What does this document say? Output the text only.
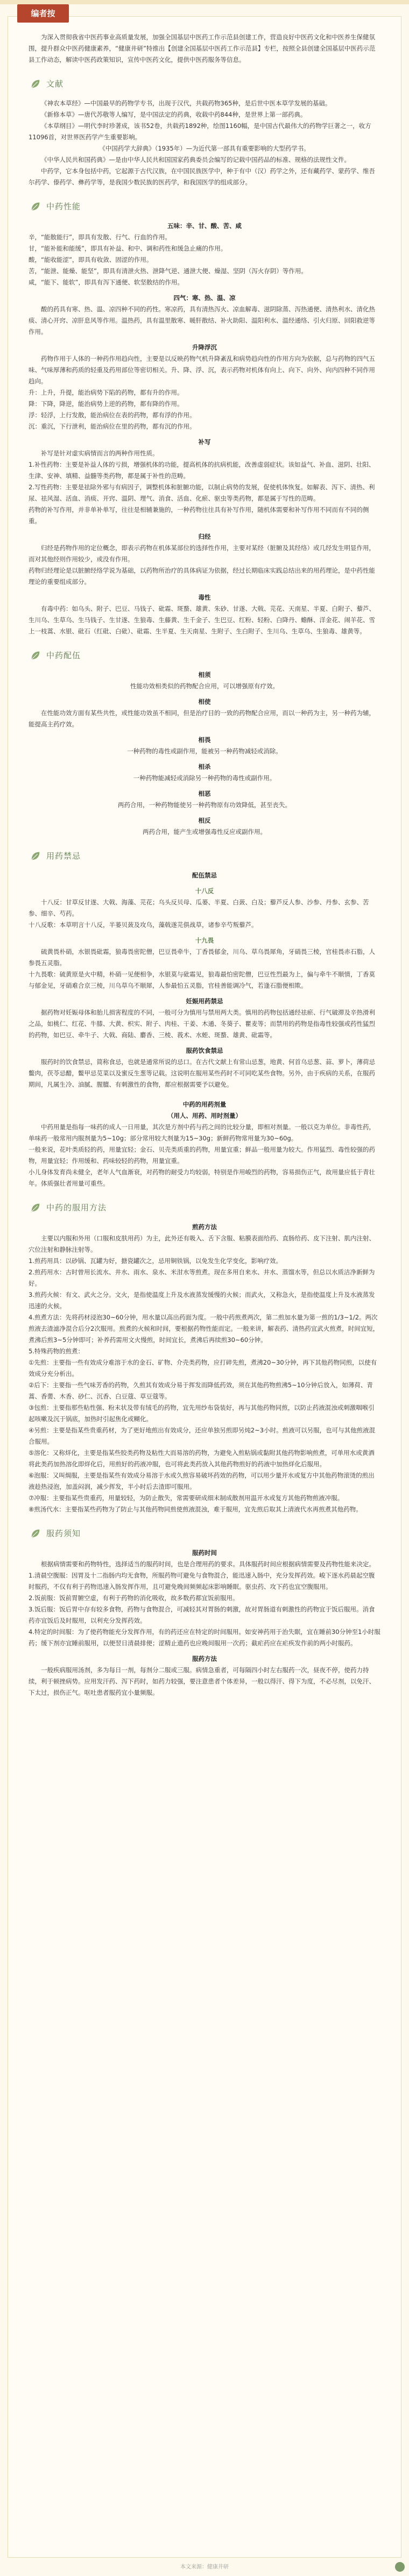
为深入贯彻我省中医药事业高质量发展，加强全国基层中医药工作示范县创建工作，营造良好中医药文化和中医养生保健氛围，提升群众中医药健康素养，“健康井研”特推出【创建全国基层中医药工作示范县】专栏，按照全县创建全国基层中医药示范县工作动态，解读中医药政策知识，宣传中医药文化，提供中医药服务等信息。

文献

《神农本草经》—中国最早的药物学专书，出现于汉代，共载药物365种，是后世中医本草学发展的基础。

《新修本草》—唐代苏敬等人编写，是中国法定的药典，收载中药844种，是世界上第一部药典。

《本草纲目》—明代李时珍著成，该书52卷，共载药1892种，绘图1160幅，是中国古代最伟大的药物学巨著之一，收方11096首，对世界医药学产生重要影响。

《中国药学大辞典》（1935年）—为近代第一部具有重要影响的大型药学书。

《中华人民共和国药典》—是由中华人民共和国国家药典委员会编写的记载中国药品的标准、规格的法规性文件。

中药学，它本身包括中药，它起源于古代汉族，在中国民族医学中，种于有中（汉）药学之外，还有藏药学、蒙药学、维吾尔药学、傣药学、彝药学等，是我国少数民族的医药学，和我国医学的组成部分。

中药性能

五味：辛、甘、酸、苦、咸

辛，“能散能行”，即具有发散、行气、行血的作用。

甘，“能补能和能缓”，即具有补益、和中、调和药性和缓急止痛的作用。

酸，“能收能涩”，即具有收敛、固涩的作用。

苦，“能泄、能燥、能坚”，即具有清泄火热、泄降气逆、通泄大便、燥湿、坚阴（泻火存阴）等作用。

咸，“能下、能软”，即具有泻下通便、软坚散结的作用。

四气：寒、热、温、凉

酸的药具有寒、热、温、凉四种不同的药性。寒凉药，具有清热泻火、凉血解毒、滋阴除蒸、泻热通便、清热利水、清化热痰、清心开窍、凉肝息风等作用。温热药，具有温里散寒、暖肝散结、补火助阳、温阳利水、温经通络、引火归原、回阳救逆等作用。

升降浮沉

药物作用于人体的一种药作用趋向性，主要是以反映药物气机升降紊乱和病势趋向性的作用方向为依据，总与药物的四气五味、气味厚薄和药质的轻重及药用部位等密切相关。升、降、浮、沉，表示药物对机体有向上、向下、向外、向内四种不同作用趋向。
升：上升，升提，能治病势下陷的药物，都有升的作用。
降：下降，降逆，能治病势上逆的药物，都有降的作用。
浮：轻浮，上行发散，能治病位在表的药物，都有浮的作用。
沉：重沉，下行泄利，能治病位在里的药物，都有沉的作用。

补写

补写是针对虚实病情而言的两种作用性质。
1.补性药物：主要是补益人体的亏损，增强机体的功能，提高机体的抗病机能，改善虚弱症状。该如益气、补血、滋阴、壮阳、生津、安神、填精、益髓等类药物，都是属于补性的范畴。
2.写性药物：主要是祛除外邪与有病因子，调整机体和脏腑功能，以制止病势的发展，促使机体恢复。如解表、泻下、清热、利尿、祛风湿、活血、消痰、开窍、温阴、理气、消食、活血、化瘀、驱虫等类药物，都是属于写性的范畴。
药物的补写作用，并非单补单写，往往是相辅兼施的，一种药物往往具有补写作用，随机体需要和补写作用不同而有不同的侧重。

归经

归经是药物作用的定位概念，即表示药物在机体某部位的选择性作用，主要对某经（脏腑及其经络）或几经发生明显作用，而对其他经则作用较少，或没有作用。
药物归经理论是以脏腑经络学说为基础，以药物所治疗的具体病证为依据，经过长期临床实践总结出来的用药理论，是中药性能理论的重要组成部分。

毒性

有毒中药：如乌头、附子、巴豆、马钱子、砒霜、斑蝥、雄黄、朱砂、甘遂、大戟、芫花、天南星、半夏、白附子、藜芦、生川乌、生草乌、生马钱子、生甘遂、生狼毒、生藤黄、生千金子、生巴豆、红粉、轻粉、白降丹、蟾酥、洋金花、闹羊花、雪上一枝蒿、水银、砒石（红砒、白砒）、砒霜、生半夏、生天南星、生附子、生白附子、生川乌、生草乌、生狼毒、雄黄等。

中药配伍

相须

性能功效相类似的药物配合应用，可以增强原有疗效。

相使

在性能功效方面有某些共性，或性能功效虽不相同，但是治疗目的一致的药物配合应用，而以一种药为主，另一种药为辅，能提高主药疗效。

相畏

一种药物的毒性或副作用，能被另一种药物减轻或消除。

相杀

一种药物能减轻或消除另一种药物的毒性或副作用。

相恶

两药合用，一种药物能使另一种药物原有功效降低，甚至丧失。

相反

两药合用，能产生或增强毒性反应或副作用。

用药禁忌

配伍禁忌

十八反

十八反：甘草反甘遂、大戟、海藻、芫花；乌头反贝母、瓜蒌、半夏、白蔹、白及；藜芦反人参、沙参、丹参、玄参、苦参、细辛、芍药。
十八反歌：本草明言十八反，半蒌贝蔹及攻乌，藻戟遂芫俱战草，诸参辛芍叛藜芦。

十九畏

硫黄畏朴硝，水银畏砒霜，狼毒畏密陀僧，巴豆畏牵牛，丁香畏郁金，川乌、草乌畏犀角，牙硝畏三棱，官桂畏赤石脂，人参畏五灵脂。
十九畏歌：硫黄原是火中精，朴硝一见便相争，水银莫与砒霜见，狼毒最怕密陀僧，巴豆性烈最为上，偏与牵牛不顺情，丁香莫与郁金见，牙硝难合京三棱，川乌草乌不顺犀，人参最怕五灵脂，官桂善能调冷气，若逢石脂便相欺。

妊娠用药禁忌

据药物对妊娠母体和胎儿损害程度的不同，一般可分为慎用与禁用两大类。慎用的药物包括通经祛瘀、行气破滞及辛热滑利之品，如桃仁、红花、牛膝、大黄、枳实、附子、肉桂、干姜、木通、冬葵子、瞿麦等；而禁用的药物是指毒性较强或药性猛烈的药物，如巴豆、牵牛子、大戟、商陆、麝香、三棱、莪术、水蛭、斑蝥、雄黄、砒霜等。

服药饮食禁忌

服药时的饮食禁忌，简称食忌，也就是通常所说的忌口。在古代文献上有常山忌葱，地黄、何首乌忌葱、蒜、萝卜，薄荷忌鳖肉，茯苓忌醋，鳖甲忌苋菜以及蜜反生葱等记载。这说明在服用某些药时不可同吃某些食物。另外，由于疾病的关系，在服药期间，凡属生冷、油腻、腥膻、有刺激性的食物，都应根据需要予以避免。

中药的用药剂量

（用人、用药、用时剂量）

中药用量是指每一味药的成人一日用量，其次是方剂中药与药之间的比较分量，即相对剂量。一般以克为单位。非毒性药，单味药一般常用内服剂量为5~10g；部分常用较大剂量为15~30g；新鲜药物常用量为30~60g。
一般来说，花叶类质轻的药，用量宜轻；金石、贝壳类质重的药物，用量宜重；鲜品一般用量为较大。作用猛烈、毒性较强的药物，用量宜轻；作用缓和、药味较轻的药物，用量宜重。
小儿身体发育尚未健全，老年人气血渐衰，对药物的耐受力均较弱，特别是作用峻烈的药物，容易损伤正气，故用量应低于青壮年。体质强壮者用量可重些。

中药的服用方法

煎药方法

主要以内服和外用（口服和皮肤用药）为主，此外还有吸入、舌下含服、粘膜表面给药、直肠给药、皮下注射、肌内注射、穴位注射和静脉注射等。
1.煎药用具：以砂锅、瓦罐为好，搪瓷罐次之，忌用铜铁锅，以免发生化学变化，影响疗效。
2.煎药用水：古时曾用长流水、井水、雨水、泉水、米泔水等煎煮。现在多用自来水、井水、蒸馏水等，但总以水质洁净新鲜为好。
3.煎药火候：有文、武火之分。文火，是指使温度上升及水液蒸发缓慢的火候；而武火，又称急火，是指使温度上升及水液蒸发迅速的火候。
4.煎煮方法：先将药材浸泡30~60分钟，用水量以高出药面为度。一般中药煎煮两次，第二煎加水量为第一煎的1/3~1/2。两次煎液去渣滤净混合后分2次服用。煎煮的火候和时间，要根据药物性能而定。一般来讲，解表药、清热药宜武火煎煮，时间宜短，煮沸后煎3~5分钟即可；补养药需用文火慢煎，时间宜长，煮沸后再续煎30~60分钟。
5.特殊药物的煎煮：
①先煎：主要指一些有效成分难溶于水的金石、矿物、介壳类药物，应打碎先煎，煮沸20~30分钟，再下其他药物同煎，以使有效成分充分析出。
②后下：主要指一些气味芳香的药物，久煎其有效成分易于挥发而降低药效，须在其他药物煎沸5~10分钟后放入，如薄荷、青蒿、香薷、木香、砂仁、沉香、白豆蔻、草豆蔻等。
③包煎：主要指那些粘性强、粉末状及带有绒毛的药物，宜先用纱布袋装好，再与其他药物同煎，以防止药液混浊或刺激咽喉引起咳嗽及沉于锅底，加热时引起焦化或糊化。
④另煎：主要是指某些贵重药材，为了更好地煎出有效成分，还应单独另煎即另炖2~3小时。煎液可以另服，也可与其他煎液混合服用。
⑤溶化：又称烊化，主要是指某些胶类药物及粘性大而易溶的药物，为避免入煎粘锅或黏附其他药物影响煎煮，可单用水或黄酒将此类药加热溶化即烊化后，用煎好的药液冲服，也可将此类药放入其他药物煎好的药液中加热烊化后服用。
⑥泡服：又叫焗服，主要是指某些有效成分易溶于水或久煎容易破坏药效的药物，可以用少量开水或复方中其他药物滚烫的煎出液趁热浸泡，加盖闷润，减少挥发，半小时后去渣即可服用。
⑦冲服：主要指某些贵重药，用量较轻，为防止散失，常需要研成细末制成散剂用温开水或复方其他药物煎液冲服。
⑧煎汤代水：主要指某些药物为了防止与其他药物同煎使煎液混浊，难于服用，宜先煎后取其上清液代水再煎煮其他药物。

服药须知

服药时间

根据病情需要和药物特性，选择适当的服药时间，也是合理用药的要求。具体服药时间应根据病情需要及药物性能来决定。
1.清晨空腹服：因胃及十二指肠内均无食物，所服药物可避免与食物混合，能迅速入肠中，充分发挥药效。峻下逐水药晨起空腹时服药，不仅有利于药物迅速入肠发挥作用，且可避免晚间频频起床影响睡眠。驱虫药、攻下药也宜空腹服用。
2.饭前服：饭前胃腑空虚，有利于药物的消化吸收，故多数药都宜饭前服用。
3.饭后服：饭后胃中存有较多食物，药物与食物混合，可减轻其对胃肠的刺激，故对胃肠道有刺激性的药物宜于饭后服用。消食药亦宜饭后及时服用，以利充分发挥药效。
4.特定的时间服：为了使药物能充分发挥作用，有的药还应在特定的时间服用。如安神药用于治失眠，宜在睡前30分钟至1小时服药；缓下剂亦宜睡前服用，以便翌日清晨排便；涩精止遗药也应晚间服用一次药；截疟药应在疟疾发作前的两小时服药。

服药方法

一般疾病服用汤剂，多为每日一剂，每剂分二服或三服。病情急重者，可每隔四小时左右服药一次，昼夜不停，使药力持续，利于顿挫病势。应用发汗药、泻下药时，如药力较强，要注意患者个体差异，一般以得汗、得下为度，不必尽剂，以免汗、下太过，损伤正气。呕吐患者服药宜小量频服。

编者按
本文来源：健康井研
